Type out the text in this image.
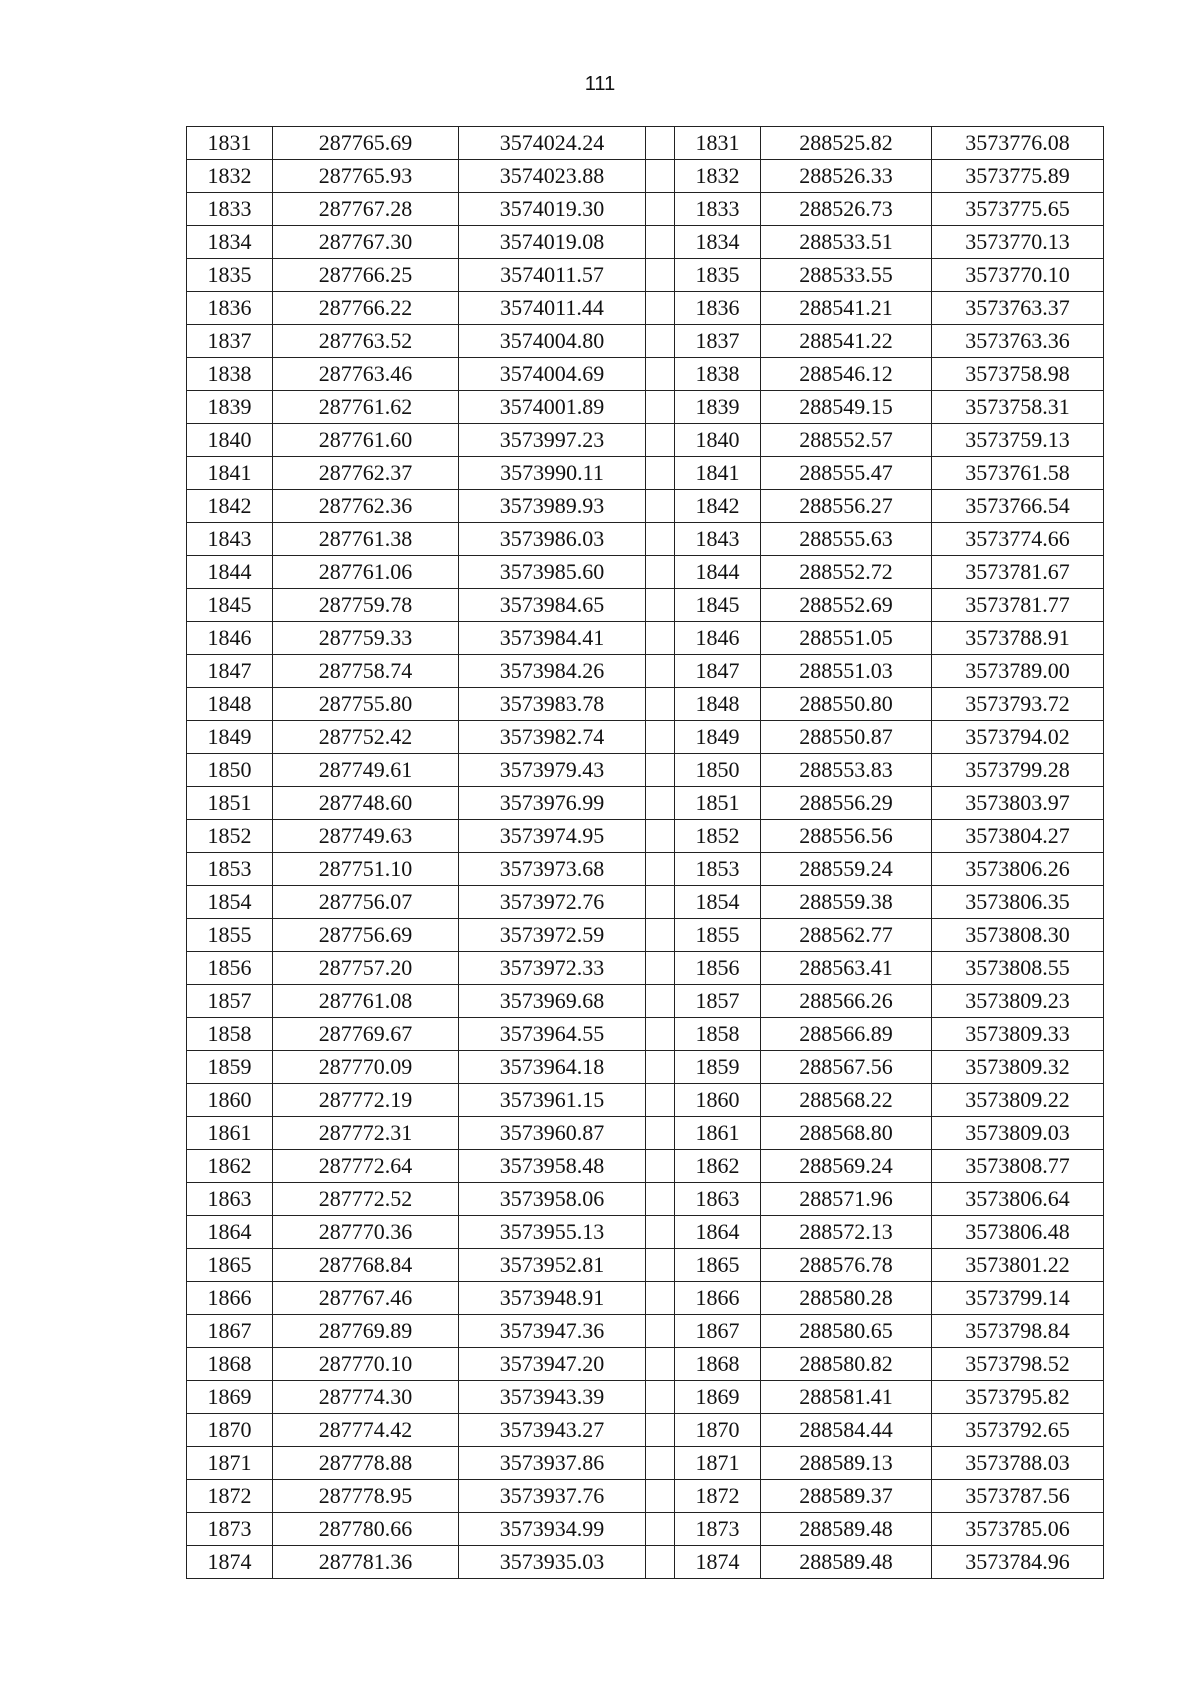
111
1831	287765.69	3574024.24		1831	288525.82	3573776.08
1832	287765.93	3574023.88		1832	288526.33	3573775.89
1833	287767.28	3574019.30		1833	288526.73	3573775.65
1834	287767.30	3574019.08		1834	288533.51	3573770.13
1835	287766.25	3574011.57		1835	288533.55	3573770.10
1836	287766.22	3574011.44		1836	288541.21	3573763.37
1837	287763.52	3574004.80		1837	288541.22	3573763.36
1838	287763.46	3574004.69		1838	288546.12	3573758.98
1839	287761.62	3574001.89		1839	288549.15	3573758.31
1840	287761.60	3573997.23		1840	288552.57	3573759.13
1841	287762.37	3573990.11		1841	288555.47	3573761.58
1842	287762.36	3573989.93		1842	288556.27	3573766.54
1843	287761.38	3573986.03		1843	288555.63	3573774.66
1844	287761.06	3573985.60		1844	288552.72	3573781.67
1845	287759.78	3573984.65		1845	288552.69	3573781.77
1846	287759.33	3573984.41		1846	288551.05	3573788.91
1847	287758.74	3573984.26		1847	288551.03	3573789.00
1848	287755.80	3573983.78		1848	288550.80	3573793.72
1849	287752.42	3573982.74		1849	288550.87	3573794.02
1850	287749.61	3573979.43		1850	288553.83	3573799.28
1851	287748.60	3573976.99		1851	288556.29	3573803.97
1852	287749.63	3573974.95		1852	288556.56	3573804.27
1853	287751.10	3573973.68		1853	288559.24	3573806.26
1854	287756.07	3573972.76		1854	288559.38	3573806.35
1855	287756.69	3573972.59		1855	288562.77	3573808.30
1856	287757.20	3573972.33		1856	288563.41	3573808.55
1857	287761.08	3573969.68		1857	288566.26	3573809.23
1858	287769.67	3573964.55		1858	288566.89	3573809.33
1859	287770.09	3573964.18		1859	288567.56	3573809.32
1860	287772.19	3573961.15		1860	288568.22	3573809.22
1861	287772.31	3573960.87		1861	288568.80	3573809.03
1862	287772.64	3573958.48		1862	288569.24	3573808.77
1863	287772.52	3573958.06		1863	288571.96	3573806.64
1864	287770.36	3573955.13		1864	288572.13	3573806.48
1865	287768.84	3573952.81		1865	288576.78	3573801.22
1866	287767.46	3573948.91		1866	288580.28	3573799.14
1867	287769.89	3573947.36		1867	288580.65	3573798.84
1868	287770.10	3573947.20		1868	288580.82	3573798.52
1869	287774.30	3573943.39		1869	288581.41	3573795.82
1870	287774.42	3573943.27		1870	288584.44	3573792.65
1871	287778.88	3573937.86		1871	288589.13	3573788.03
1872	287778.95	3573937.76		1872	288589.37	3573787.56
1873	287780.66	3573934.99		1873	288589.48	3573785.06
1874	287781.36	3573935.03		1874	288589.48	3573784.96
